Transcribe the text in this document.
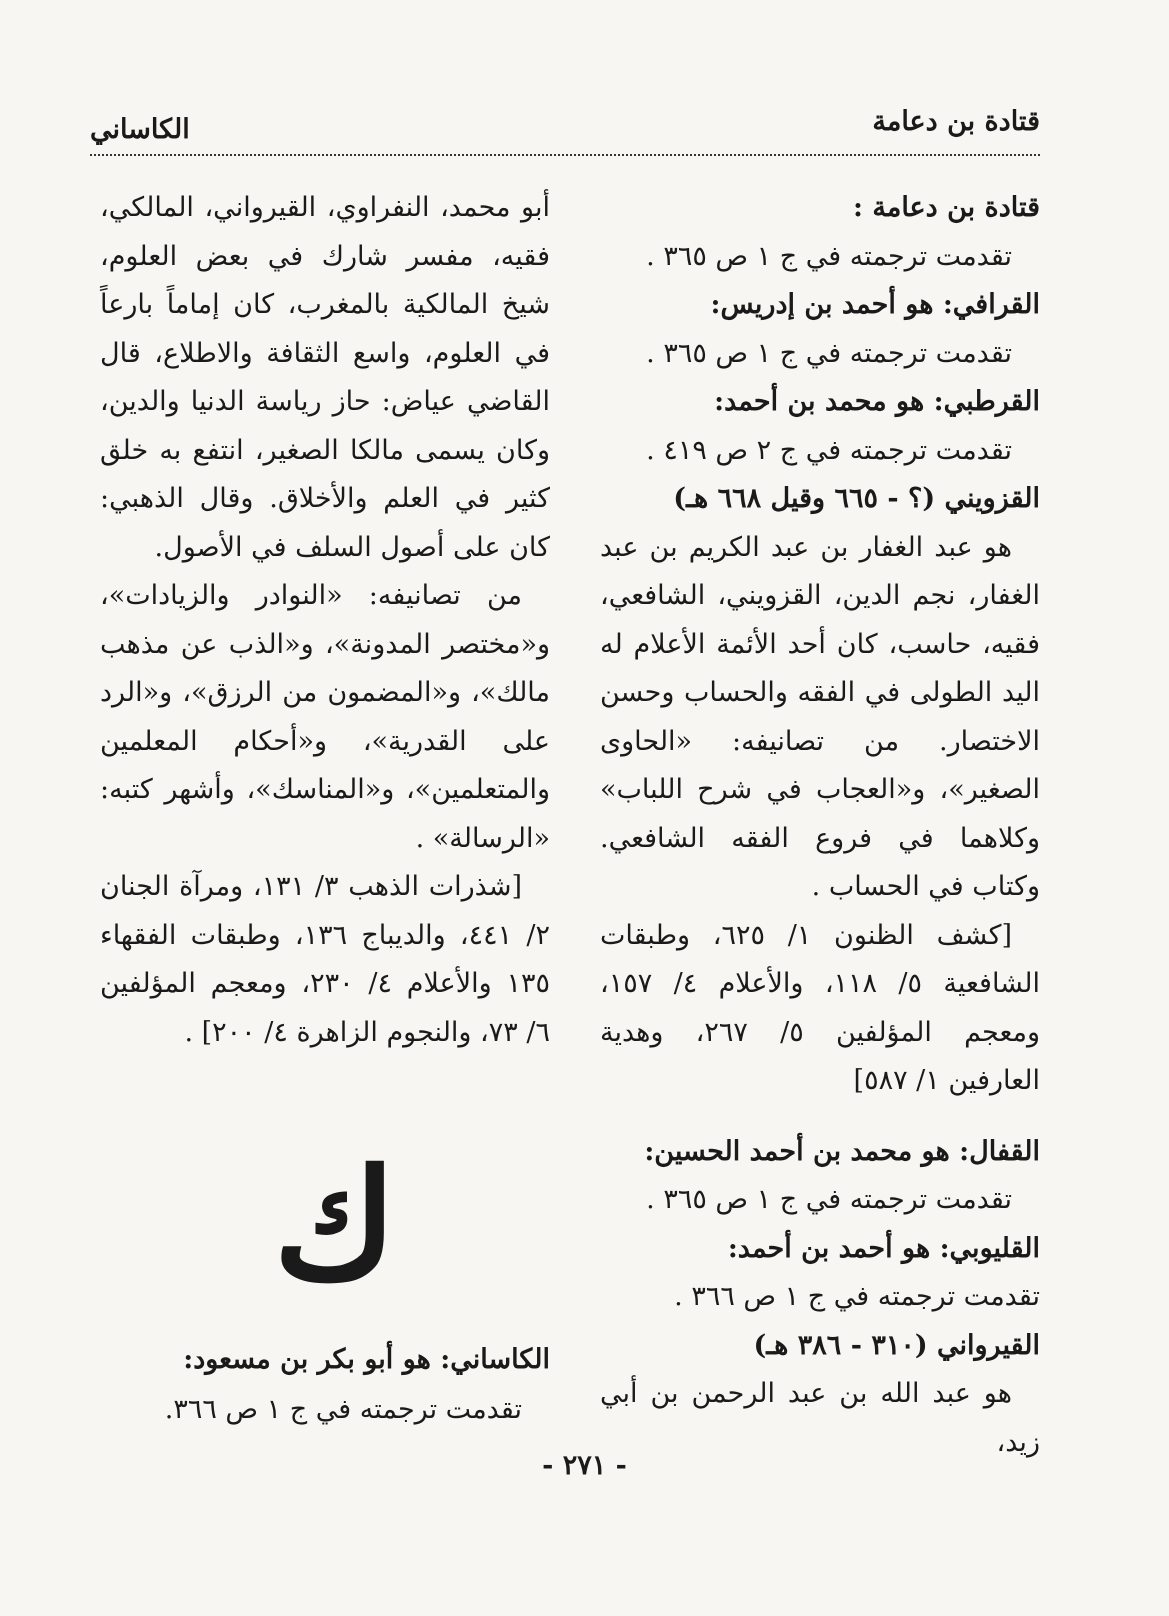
قتادة بن دعامة
الكاساني

قتادة بن دعامة :

تقدمت ترجمته في ج ١ ص ٣٦٥ .

القرافي: هو أحمد بن إدريس:

تقدمت ترجمته في ج ١ ص ٣٦٥ .

القرطبي: هو محمد بن أحمد:

تقدمت ترجمته في ج ٢ ص ٤١٩ .

القزويني (؟ - ٦٦٥ وقيل ٦٦٨ هـ)

هو عبد الغفار بن عبد الكريم بن عبد الغفار، نجم الدين، القزويني، الشافعي، فقيه، حاسب، كان أحد الأئمة الأعلام له اليد الطولى في الفقه والحساب وحسن الاختصار. من تصانيفه: «الحاوى الصغير»، و«العجاب في شرح اللباب» وكلاهما في فروع الفقه الشافعي. وكتاب في الحساب .

[كشف الظنون ١/ ٦٢٥، وطبقات الشافعية ٥/ ١١٨، والأعلام ٤/ ١٥٧، ومعجم المؤلفين ٥/ ٢٦٧، وهدية العارفين ١/ ٥٨٧]

القفال: هو محمد بن أحمد الحسين:

تقدمت ترجمته في ج ١ ص ٣٦٥ .

القليوبي: هو أحمد بن أحمد:

تقدمت ترجمته في ج ١ ص ٣٦٦ .

القيرواني (٣١٠ - ٣٨٦ هـ)

هو عبد الله بن عبد الرحمن بن أبي زيد،

أبو محمد، النفراوي، القيرواني، المالكي، فقيه، مفسر شارك في بعض العلوم، شيخ المالكية بالمغرب، كان إماماً بارعاً في العلوم، واسع الثقافة والاطلاع، قال القاضي عياض: حاز رياسة الدنيا والدين، وكان يسمى مالكا الصغير، انتفع به خلق كثير في العلم والأخلاق. وقال الذهبي: كان على أصول السلف في الأصول.

من تصانيفه: «النوادر والزيادات»، و«مختصر المدونة»، و«الذب عن مذهب مالك»، و«المضمون من الرزق»، و«الرد على القدرية»، و«أحكام المعلمين والمتعلمين»، و«المناسك»، وأشهر كتبه: «الرسالة» .

[شذرات الذهب ٣/ ١٣١، ومرآة الجنان ٢/ ٤٤١، والديباج ١٣٦، وطبقات الفقهاء ١٣٥ والأعلام ٤/ ٢٣٠، ومعجم المؤلفين ٦/ ٧٣، والنجوم الزاهرة ٤/ ٢٠٠] .

ك

الكاساني: هو أبو بكر بن مسعود:

تقدمت ترجمته في ج ١ ص ٣٦٦.

- ٢٧١ -
